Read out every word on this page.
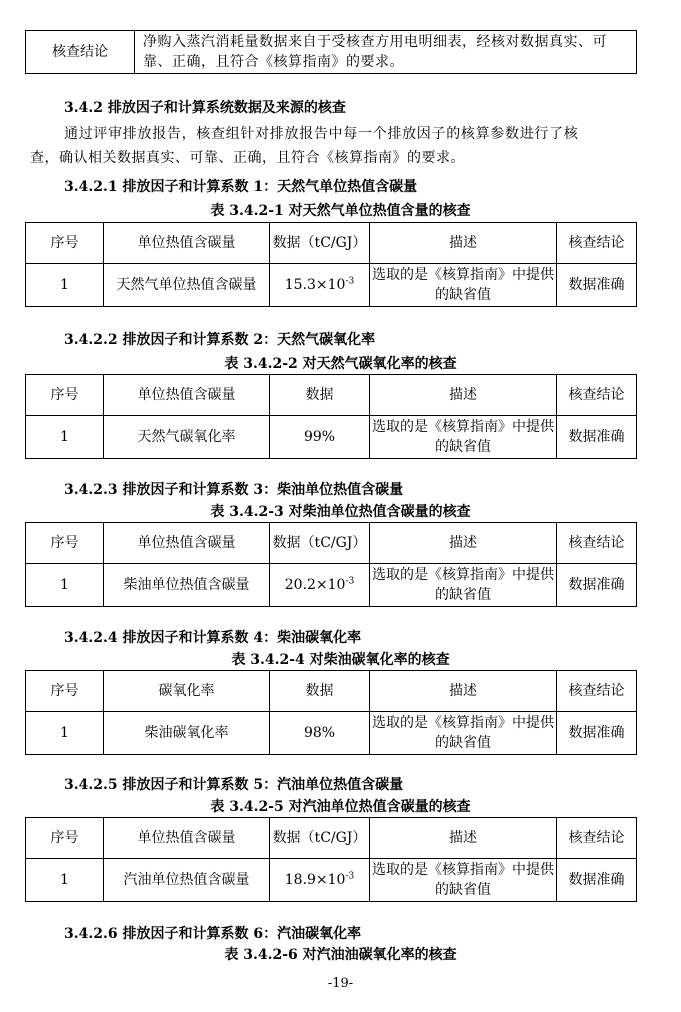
核查结论	净购入蒸汽消耗量数据来自于受核查方用电明细表，经核对数据真实、可靠、正确，且符合《核算指南》的要求。
3.4.2 排放因子和计算系统数据及来源的核查
通过评审排放报告，核查组针对排放报告中每一个排放因子的核算参数进行了核
查，确认相关数据真实、可靠、正确，且符合《核算指南》的要求。
3.4.2.1 排放因子和计算系数 1：天然气单位热值含碳量
表 3.4.2-1 对天然气单位热值含量的核查
序号	单位热值含碳量	数据（tC/GJ）	描述	核查结论
1	天然气单位热值含碳量	$15.3\times 10^{-3}$	选取的是《核算指南》中提供的缺省值	数据准确
3.4.2.2 排放因子和计算系数 2：天然气碳氧化率
表 3.4.2-2 对天然气碳氧化率的核查
序号	单位热值含碳量	数据	描述	核查结论
1	天然气碳氧化率	99%	选取的是《核算指南》中提供的缺省值	数据准确
3.4.2.3 排放因子和计算系数 3：柴油单位热值含碳量
表 3.4.2-3 对柴油单位热值含碳量的核查
序号	单位热值含碳量	数据（tC/GJ）	描述	核查结论
1	柴油单位热值含碳量	$20.2\times 10^{-3}$	选取的是《核算指南》中提供的缺省值	数据准确
3.4.2.4 排放因子和计算系数 4：柴油碳氧化率
表 3.4.2-4 对柴油碳氧化率的核查
序号	碳氧化率	数据	描述	核查结论
1	柴油碳氧化率	98%	选取的是《核算指南》中提供的缺省值	数据准确
3.4.2.5 排放因子和计算系数 5：汽油单位热值含碳量
表 3.4.2-5 对汽油单位热值含碳量的核查
序号	单位热值含碳量	数据（tC/GJ）	描述	核查结论
1	汽油单位热值含碳量	$18.9\times 10^{-3}$	选取的是《核算指南》中提供的缺省值	数据准确
3.4.2.6 排放因子和计算系数 6：汽油碳氧化率
表 3.4.2-6 对汽油油碳氧化率的核查
-19-
